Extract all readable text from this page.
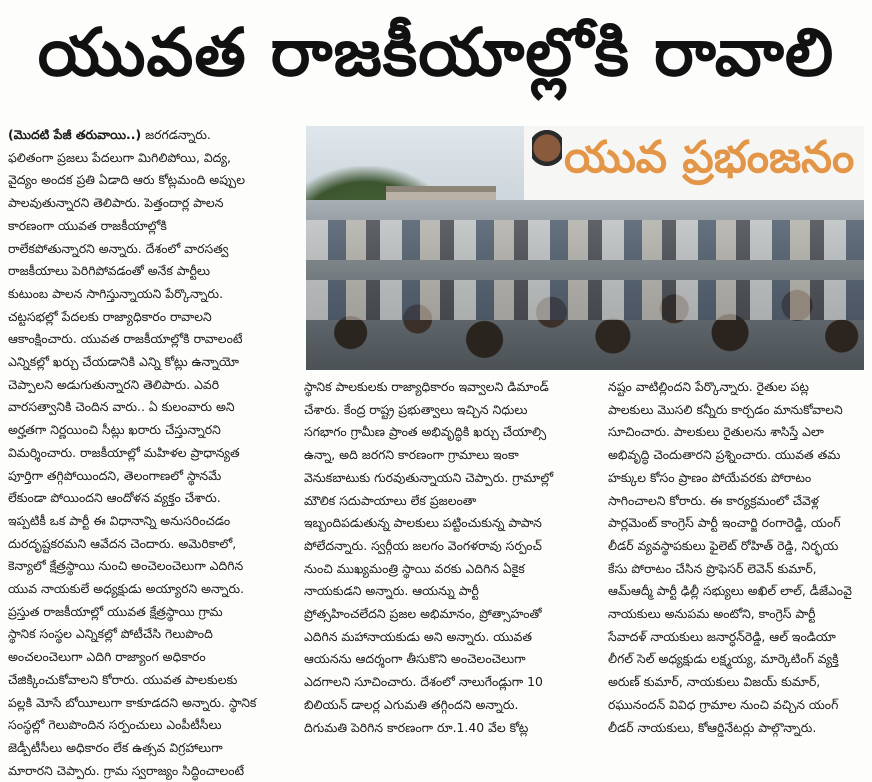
యువత రాజకీయాల్లోకి రావాలి
(మొదటి పేజీ తరువాయి..) జరగడన్నారు.
ఫలితంగా ప్రజలు పేదలుగా మిగిలిపోయి, విద్య,
వైద్యం అందక ప్రతి ఏడాది ఆరు కోట్లమంది అప్పుల
పాలవుతున్నారని తెలిపారు. పెత్తందార్ల పాలన
కారణంగా యువత రాజకీయాల్లోకి
రాలేకపోతున్నారని అన్నారు. దేశంలో వారసత్వ
రాజకీయాలు పెరిగిపోవడంతో అనేక పార్టీలు
కుటుంబ పాలన సాగిస్తున్నాయని పేర్కొన్నారు.
చట్టసభల్లో పేదలకు రాజ్యాధికారం రావాలని
ఆకాంక్షించారు. యువత రాజకీయాల్లోకి రావాలంటే
ఎన్నికల్లో ఖర్చు చేయడానికి ఎన్ని కోట్లు ఉన్నాయో
చెప్పాలని అడుగుతున్నారని తెలిపారు. ఎవరి
వారసత్వానికి చెందిన వారు.. ఏ కులంవారు అని
అర్హతగా నిర్ణయించి సీట్లు ఖరారు చేస్తున్నారని
విమర్శించారు. రాజకీయాల్లో మహిళల ప్రాధాన్యత
పూర్తిగా తగ్గిపోయిందని, తెలంగాణలో స్థానమే
లేకుండా పోయిందని ఆందోళన వ్యక్తం చేశారు.
ఇప్పటికీ ఒక పార్టీ ఈ విధానాన్ని అనుసరించడం
దురదృష్టకరమని ఆవేదన చెందారు. అమెరికాలో,
కెన్యాలో క్షేత్రస్థాయి నుంచి అంచెలంచెలుగా ఎదిగిన
యువ నాయకులే అధ్యక్షుడు అయ్యారని అన్నారు.
ప్రస్తుత రాజకీయాల్లో యువత క్షేత్రస్థాయి గ్రామ
స్థానిక సంస్థల ఎన్నికల్లో పోటీచేసి గెలుపొంది
అంచలంచెలుగా ఎదిగి రాజ్యాంగ అధికారం
చేజిక్కించుకోవాలని కోరారు. యువత పాలకులకు
పల్లకి మోసే బోయీలుగా కాకూడదని అన్నారు. స్థానిక
సంస్థల్లో గెలుపొందిన సర్పంచులు ఎంపీటీసీలు
జెడ్పీటీసీలు అధికారం లేక ఉత్సవ విగ్రహాలుగా
మారారని చెప్పారు. గ్రామ స్వరాజ్యం సిద్ధించాలంటే
యువ ప్రభంజనం
స్థానిక పాలకులకు రాజ్యాధికారం ఇవ్వాలని డిమాండ్
చేశారు. కేంద్ర రాష్ట్ర ప్రభుత్వాలు ఇచ్చిన నిధులు
సగభాగం గ్రామీణ ప్రాంత అభివృద్ధికి ఖర్చు చేయాల్సి
ఉన్నా, అది జరగని కారణంగా గ్రామాలు ఇంకా
వెనుకబాటుకు గురవుతున్నాయని చెప్పారు. గ్రామాల్లో
మౌలిక సదుపాయాలు లేక ప్రజలంతా
ఇబ్బందిపడుతున్న పాలకులు పట్టించుకున్న పాపాన
పోలేదన్నారు. స్వర్గీయ జలగం వెంగళరావు సర్పంచ్
నుంచి ముఖ్యమంత్రి స్థాయి వరకు ఎదిగిన ఏకైక
నాయకుడని అన్నారు. ఆయన్ను పార్టీ
ప్రోత్సహించలేదని ప్రజల అభిమానం, ప్రోత్సాహంతో
ఎదిగిన మహానాయకుడు అని అన్నారు. యువత
ఆయనను ఆదర్శంగా తీసుకొని అంచెలంచెలుగా
ఎదగాలని సూచించారు. దేశంలో నాలుగేండ్లుగా 10
బిలియన్ డాలర్ల ఎగుమతి తగ్గిందని అన్నారు.
దిగుమతి పెరిగిన కారణంగా రూ.1.40 వేల కోట్ల
నష్టం వాటిల్లిందని పేర్కొన్నారు. రైతుల పట్ల
పాలకులు మొసలి కన్నీరు కార్చడం మానుకోవాలని
సూచించారు. పాలకులు రైతులను శాసిస్తే ఎలా
అభివృద్ధి చెందుతారని ప్రశ్నించారు. యువత తమ
హక్కుల కోసం ప్రాణం పోయేవరకు పోరాటం
సాగించాలని కోరారు. ఈ కార్యక్రమంలో చేవెళ్ల
పార్లమెంట్ కాంగ్రెస్ పార్టీ ఇంచార్జి రంగారెడ్డి, యంగ్
లీడర్ వ్యవస్థాపకులు ఫైలెట్ రోహిత్ రెడ్డి, నిర్భయ
కేసు పోరాటం చేసిన ప్రొఫెసర్ లెవెన్ కుమార్,
ఆమ్ఆద్మీ పార్టీ ఢిల్లీ సభ్యులు అఖిల్ లాల్, డీజేఎంవై
నాయకులు అనుపమ అంటోని, కాంగ్రెస్ పార్టీ
సేవాదళ్ నాయకులు జనార్ధన్‌రెడ్డి, ఆల్ ఇండియా
లీగల్ సెల్ అధ్యక్షుడు లక్ష్మయ్య, మార్కెటింగ్ వ్యక్తి
అరుణ్ కుమార్, నాయకులు విజయ్ కుమార్,
రఘునందన్ వివిధ గ్రామాల నుంచి వచ్చిన యంగ్
లీడర్ నాయకులు, కోఆర్డినేటర్లు పాల్గొన్నారు.
